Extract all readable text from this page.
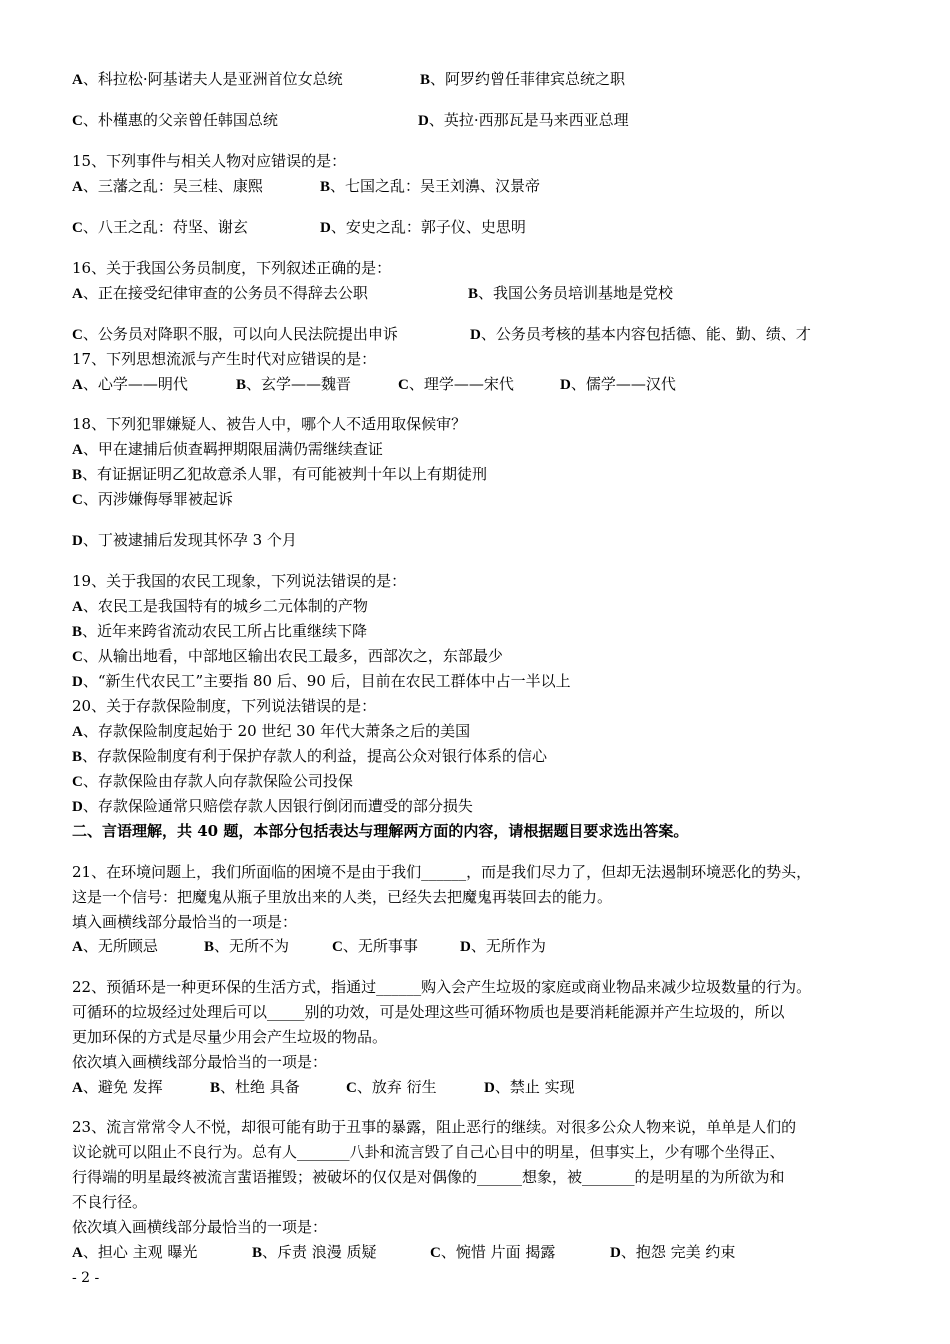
A、科拉松·阿基诺夫人是亚洲首位女总统	B、阿罗约曾任菲律宾总统之职
C、朴槿惠的父亲曾任韩国总统	D、英拉·西那瓦是马来西亚总理
15、下列事件与相关人物对应错误的是：
A、三藩之乱：吴三桂、康熙	B、七国之乱：吴王刘濞、汉景帝
C、八王之乱：苻坚、谢玄	D、安史之乱：郭子仪、史思明
16、关于我国公务员制度，下列叙述正确的是：
A、正在接受纪律审查的公务员不得辞去公职	B、我国公务员培训基地是党校
C、公务员对降职不服，可以向人民法院提出申诉	D、公务员考核的基本内容包括德、能、勤、绩、才
17、下列思想流派与产生时代对应错误的是：
A、心学——明代	B、玄学——魏晋	C、理学——宋代	D、儒学——汉代
18、下列犯罪嫌疑人、被告人中，哪个人不适用取保候审？
A、甲在逮捕后侦查羁押期限届满仍需继续查证
B、有证据证明乙犯故意杀人罪，有可能被判十年以上有期徒刑
C、丙涉嫌侮辱罪被起诉
D、丁被逮捕后发现其怀孕 3 个月
19、关于我国的农民工现象，下列说法错误的是：
A、农民工是我国特有的城乡二元体制的产物
B、近年来跨省流动农民工所占比重继续下降
C、从输出地看，中部地区输出农民工最多，西部次之，东部最少
D、“新生代农民工”主要指 80 后、90 后，目前在农民工群体中占一半以上
20、关于存款保险制度，下列说法错误的是：
A、存款保险制度起始于 20 世纪 30 年代大萧条之后的美国
B、存款保险制度有利于保护存款人的利益，提高公众对银行体系的信心
C、存款保险由存款人向存款保险公司投保
D、存款保险通常只赔偿存款人因银行倒闭而遭受的部分损失
二、言语理解，共 40 题，本部分包括表达与理解两方面的内容，请根据题目要求选出答案。
21、在环境问题上，我们所面临的困境不是由于我们______，而是我们尽力了，但却无法遏制环境恶化的势头，
这是一个信号：把魔鬼从瓶子里放出来的人类，已经失去把魔鬼再装回去的能力。
填入画横线部分最恰当的一项是：
A、无所顾忌	B、无所不为	C、无所事事	D、无所作为
22、预循环是一种更环保的生活方式，指通过______购入会产生垃圾的家庭或商业物品来减少垃圾数量的行为。
可循环的垃圾经过处理后可以_____别的功效，可是处理这些可循环物质也是要消耗能源并产生垃圾的，所以
更加环保的方式是尽量少用会产生垃圾的物品。
依次填入画横线部分最恰当的一项是：
A、避免 发挥	B、杜绝 具备	C、放弃 衍生	D、禁止 实现
23、流言常常令人不悦，却很可能有助于丑事的暴露，阻止恶行的继续。对很多公众人物来说，单单是人们的
议论就可以阻止不良行为。总有人_______八卦和流言毁了自己心目中的明星，但事实上，少有哪个坐得正、
行得端的明星最终被流言蜚语摧毁；被破坏的仅仅是对偶像的______想象，被_______的是明星的为所欲为和
不良行径。
依次填入画横线部分最恰当的一项是：
A、担心 主观 曝光	B、斥责 浪漫 质疑	C、惋惜 片面 揭露	D、抱怨 完美 约束
- 2 -
